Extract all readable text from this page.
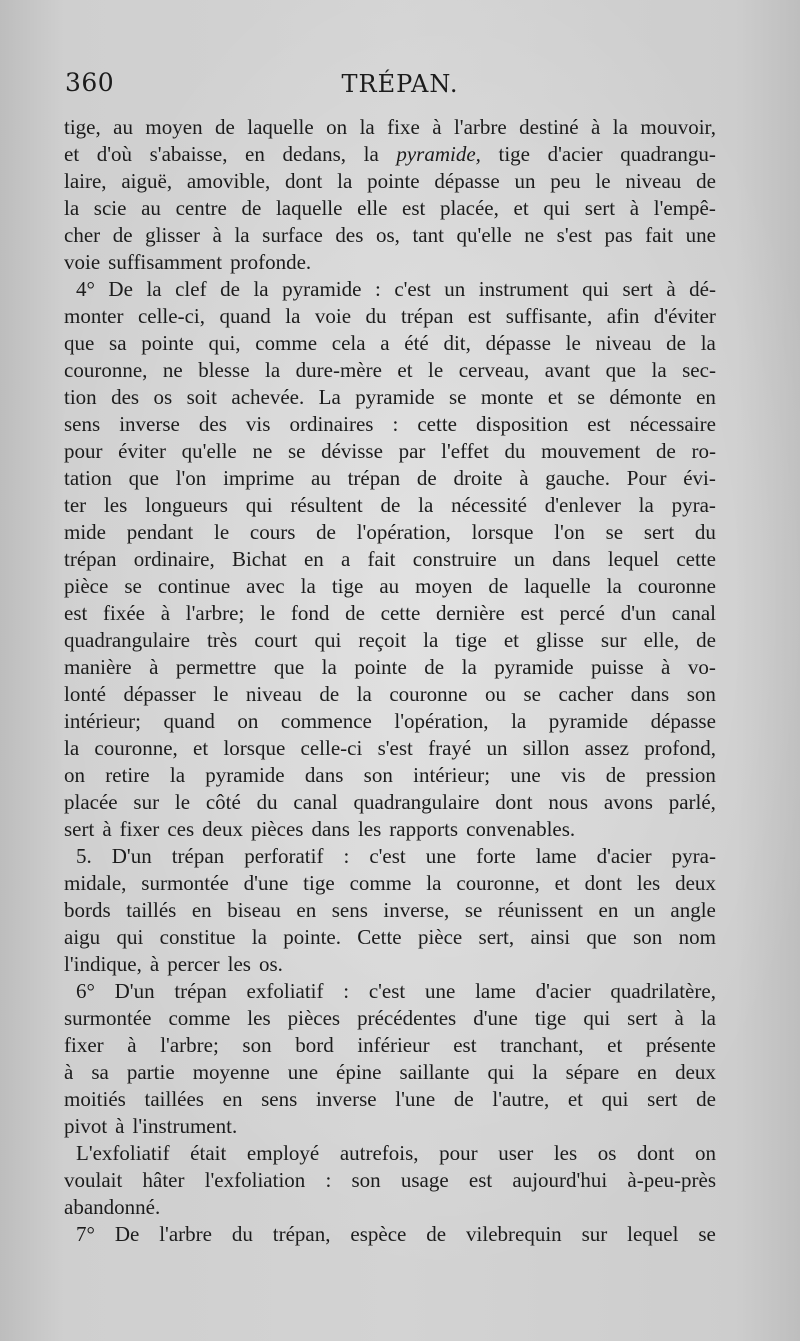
360	TRÉPAN.
tige, au moyen de laquelle on la fixe à l'arbre destiné à la mouvoir,
et d'où s'abaisse, en dedans, la pyramide, tige d'acier quadrangu-
laire, aiguë, amovible, dont la pointe dépasse un peu le niveau de
la scie au centre de laquelle elle est placée, et qui sert à l'empê-
cher de glisser à la surface des os, tant qu'elle ne s'est pas fait une
voie suffisamment profonde.
4° De la clef de la pyramide : c'est un instrument qui sert à dé-
monter celle-ci, quand la voie du trépan est suffisante, afin d'éviter
que sa pointe qui, comme cela a été dit, dépasse le niveau de la
couronne, ne blesse la dure-mère et le cerveau, avant que la sec-
tion des os soit achevée. La pyramide se monte et se démonte en
sens inverse des vis ordinaires : cette disposition est nécessaire
pour éviter qu'elle ne se dévisse par l'effet du mouvement de ro-
tation que l'on imprime au trépan de droite à gauche. Pour évi-
ter les longueurs qui résultent de la nécessité d'enlever la pyra-
mide pendant le cours de l'opération, lorsque l'on se sert du
trépan ordinaire, Bichat en a fait construire un dans lequel cette
pièce se continue avec la tige au moyen de laquelle la couronne
est fixée à l'arbre; le fond de cette dernière est percé d'un canal
quadrangulaire très court qui reçoit la tige et glisse sur elle, de
manière à permettre que la pointe de la pyramide puisse à vo-
lonté dépasser le niveau de la couronne ou se cacher dans son
intérieur; quand on commence l'opération, la pyramide dépasse
la couronne, et lorsque celle-ci s'est frayé un sillon assez profond,
on retire la pyramide dans son intérieur; une vis de pression
placée sur le côté du canal quadrangulaire dont nous avons parlé,
sert à fixer ces deux pièces dans les rapports convenables.
5. D'un trépan perforatif : c'est une forte lame d'acier pyra-
midale, surmontée d'une tige comme la couronne, et dont les deux
bords taillés en biseau en sens inverse, se réunissent en un angle
aigu qui constitue la pointe. Cette pièce sert, ainsi que son nom
l'indique, à percer les os.
6° D'un trépan exfoliatif : c'est une lame d'acier quadrilatère,
surmontée comme les pièces précédentes d'une tige qui sert à la
fixer à l'arbre; son bord inférieur est tranchant, et présente
à sa partie moyenne une épine saillante qui la sépare en deux
moitiés taillées en sens inverse l'une de l'autre, et qui sert de
pivot à l'instrument.
L'exfoliatif était employé autrefois, pour user les os dont on
voulait hâter l'exfoliation : son usage est aujourd'hui à-peu-près
abandonné.
7° De l'arbre du trépan, espèce de vilebrequin sur lequel se
